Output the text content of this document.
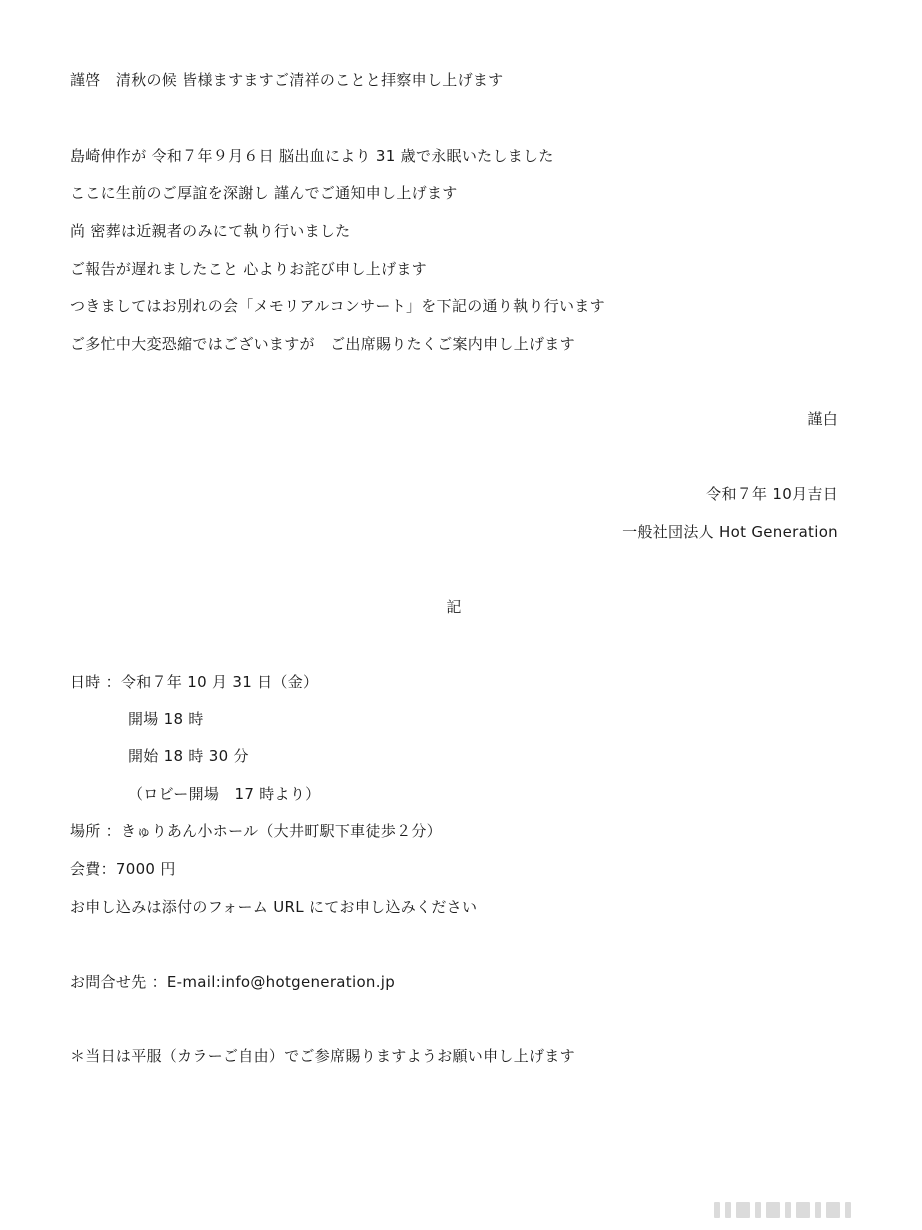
謹啓　清秋の候 皆様ますますご清祥のことと拝察申し上げます
島崎伸作が 令和７年９月６日 脳出血により 31 歳で永眠いたしました
ここに生前のご厚誼を深謝し 謹んでご通知申し上げます
尚 密葬は近親者のみにて執り行いました
ご報告が遅れましたこと 心よりお詫び申し上げます
つきましてはお別れの会「メモリアルコンサート」を下記の通り執り行います
ご多忙中大変恐縮ではございますが　ご出席賜りたくご案内申し上げます
謹白
令和７年 10月吉日
一般社団法人 Hot Generation
記
日時 ：令和７年 10 月 31 日（金）
開場 18 時
開始 18 時 30 分
（ロビー開場　17 時より）
場所 ：きゅりあん小ホール（大井町駅下車徒歩２分）
会費：7000 円
お申し込みは添付のフォーム URL にてお申し込みください
お問合せ先 ：E-mail:info@hotgeneration.jp
＊当日は平服（カラーご自由）でご参席賜りますようお願い申し上げます
